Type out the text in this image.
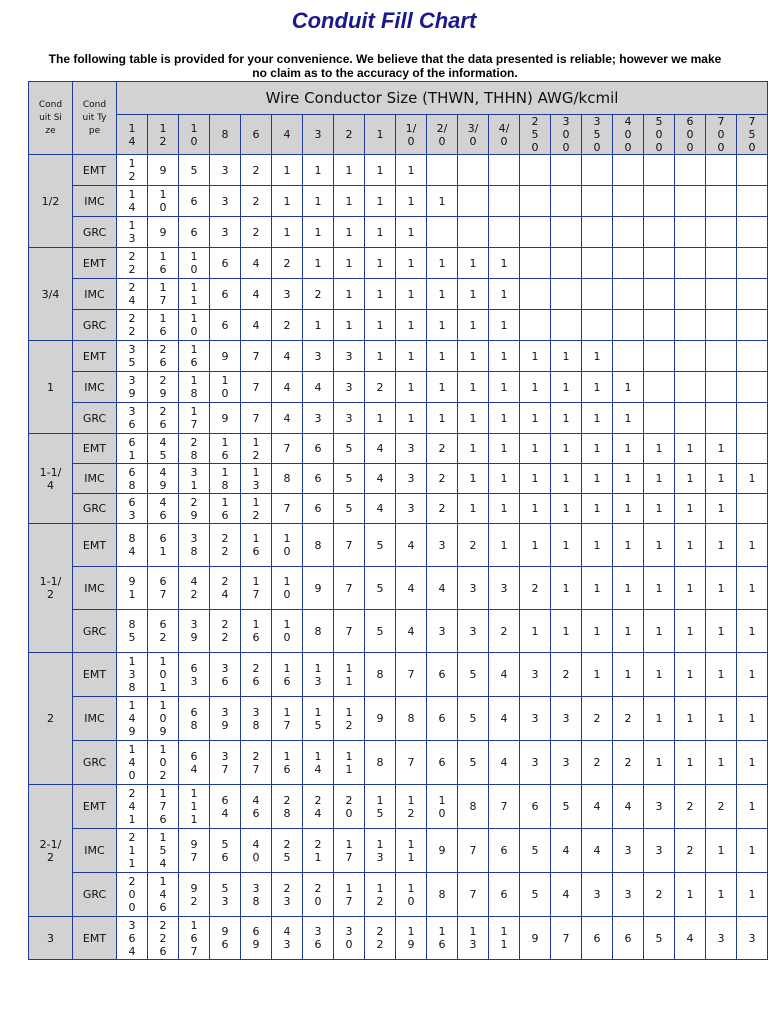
Conduit Fill Chart
The following table is provided for your convenience. We believe that the data presented is reliable; however we make no claim as to the accuracy of the information.
Conduit Size	Conduit Type	Wire Conductor Size (THWN, THHN) AWG/kcmil																				
		14	12	10	8	6	4	3	2	1	1/0	2/0	3/0	4/0	250	300	350	400	500	600	700	750
1/2	EMT	12	9	5	3	2	1	1	1	1	1											
	IMC	14	10	6	3	2	1	1	1	1	1	1										
	GRC	13	9	6	3	2	1	1	1	1	1											
3/4	EMT	22	16	10	6	4	2	1	1	1	1	1	1	1								
	IMC	24	17	11	6	4	3	2	1	1	1	1	1	1								
	GRC	22	16	10	6	4	2	1	1	1	1	1	1	1								
1	EMT	35	26	16	9	7	4	3	3	1	1	1	1	1	1	1	1					
	IMC	39	29	18	10	7	4	4	3	2	1	1	1	1	1	1	1	1				
	GRC	36	26	17	9	7	4	3	3	1	1	1	1	1	1	1	1	1				
1-1/4	EMT	61	45	28	16	12	7	6	5	4	3	2	1	1	1	1	1	1	1	1	1	
	IMC	68	49	31	18	13	8	6	5	4	3	2	1	1	1	1	1	1	1	1	1	1
	GRC	63	46	29	16	12	7	6	5	4	3	2	1	1	1	1	1	1	1	1	1	
1-1/2	EMT	84	61	38	22	16	10	8	7	5	4	3	2	1	1	1	1	1	1	1	1	1
	IMC	91	67	42	24	17	10	9	7	5	4	4	3	3	2	1	1	1	1	1	1	1
	GRC	85	62	39	22	16	10	8	7	5	4	3	3	2	1	1	1	1	1	1	1	1
2	EMT	138	101	63	36	26	16	13	11	8	7	6	5	4	3	2	1	1	1	1	1	1
	IMC	149	109	68	39	38	17	15	12	9	8	6	5	4	3	3	2	2	1	1	1	1
	GRC	140	102	64	37	27	16	14	11	8	7	6	5	4	3	3	2	2	1	1	1	1
2-1/2	EMT	241	176	111	64	46	28	24	20	15	12	10	8	7	6	5	4	4	3	2	2	1
	IMC	211	154	97	56	40	25	21	17	13	11	9	7	6	5	4	4	3	3	2	1	1
	GRC	200	146	92	53	38	23	20	17	12	10	8	7	6	5	4	3	3	2	1	1	1
3	EMT	364	226	167	96	69	43	36	30	22	19	16	13	11	9	7	6	6	5	4	3	3
